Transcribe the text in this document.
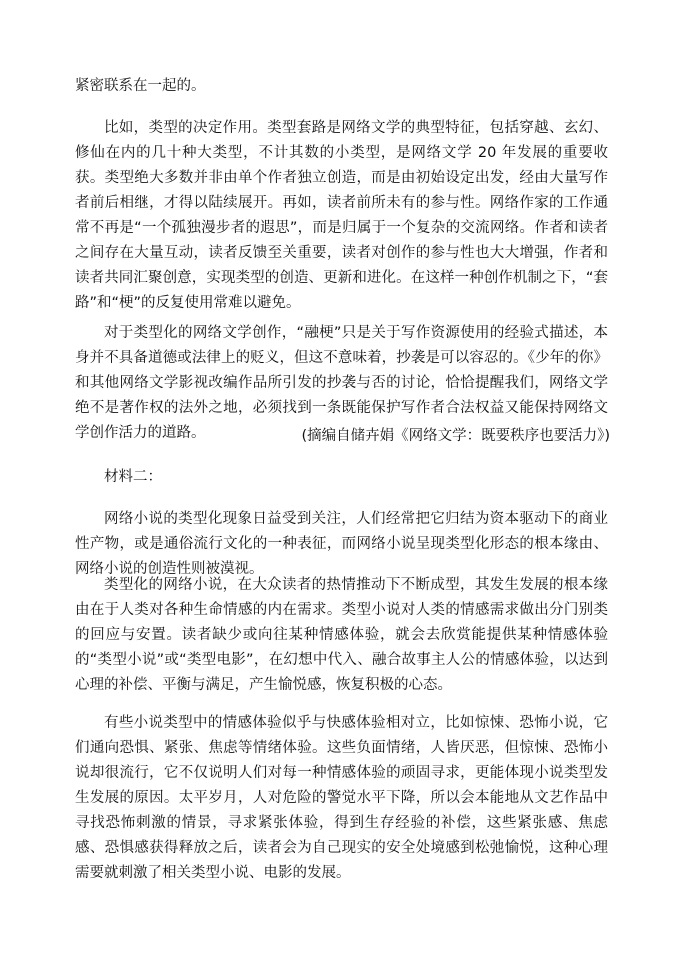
紧密联系在一起的。

比如，类型的决定作用。类型套路是网络文学的典型特征，包括穿越、玄幻、修仙在内的几十种大类型，不计其数的小类型，是网络文学 20 年发展的重要收获。类型绝大多数并非由单个作者独立创造，而是由初始设定出发，经由大量写作者前后相继，才得以陆续展开。再如，读者前所未有的参与性。网络作家的工作通常不再是“一个孤独漫步者的遐思”，而是归属于一个复杂的交流网络。作者和读者之间存在大量互动，读者反馈至关重要，读者对创作的参与性也大大增强，作者和读者共同汇聚创意，实现类型的创造、更新和进化。在这样一种创作机制之下，“套路”和“梗”的反复使用常难以避免。

对于类型化的网络文学创作，“融梗”只是关于写作资源使用的经验式描述，本身并不具备道德或法律上的贬义，但这不意味着，抄袭是可以容忍的。《少年的你》和其他网络文学影视改编作品所引发的抄袭与否的讨论，恰恰提醒我们，网络文学绝不是著作权的法外之地，必须找到一条既能保护写作者合法权益又能保持网络文学创作活力的道路。	(摘编自储卉娟《网络文学：既要秩序也要活力》)
材料二：

网络小说的类型化现象日益受到关注，人们经常把它归结为资本驱动下的商业性产物，或是通俗流行文化的一种表征，而网络小说呈现类型化形态的根本缘由、网络小说的创造性则被漠视。

类型化的网络小说，在大众读者的热情推动下不断成型，其发生发展的根本缘由在于人类对各种生命情感的内在需求。类型小说对人类的情感需求做出分门别类的回应与安置。读者缺少或向往某种情感体验，就会去欣赏能提供某种情感体验的“类型小说”或“类型电影”，在幻想中代入、融合故事主人公的情感体验，以达到心理的补偿、平衡与满足，产生愉悦感，恢复积极的心态。

有些小说类型中的情感体验似乎与快感体验相对立，比如惊悚、恐怖小说，它们通向恐惧、紧张、焦虑等情绪体验。这些负面情绪，人皆厌恶，但惊悚、恐怖小说却很流行，它不仅说明人们对每一种情感体验的顽固寻求，更能体现小说类型发生发展的原因。太平岁月，人对危险的警觉水平下降，所以会本能地从文艺作品中寻找恐怖刺激的情景，寻求紧张体验，得到生存经验的补偿，这些紧张感、焦虑感、恐惧感获得释放之后，读者会为自己现实的安全处境感到松弛愉悦，这种心理需要就刺激了相关类型小说、电影的发展。
